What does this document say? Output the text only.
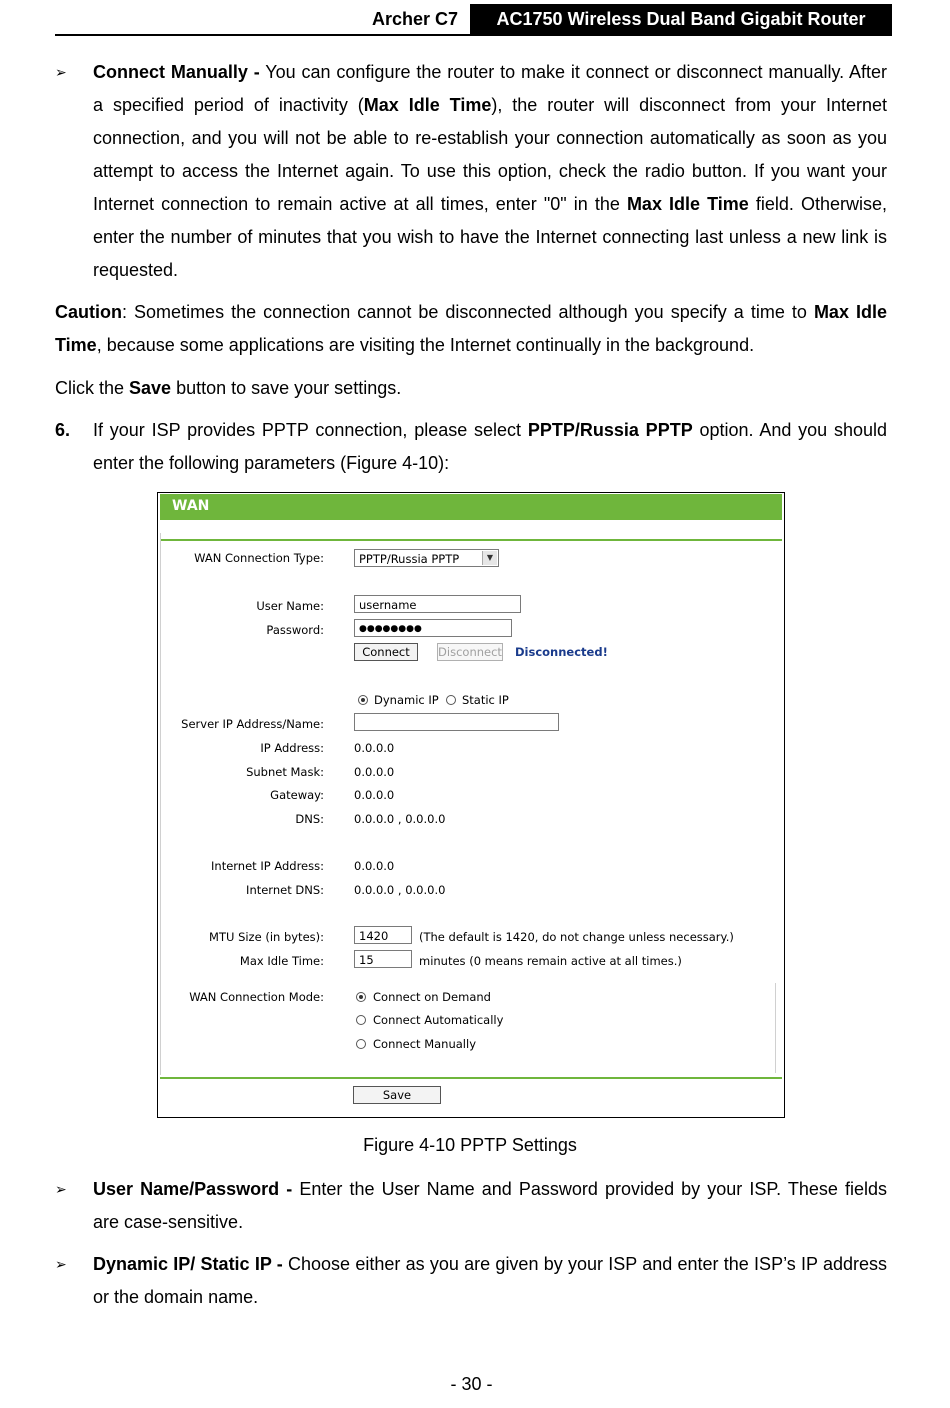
Archer C7	AC1750 Wireless Dual Band Gigabit Router
➢ Connect Manually - You can configure the router to make it connect or disconnect manually. After a specified period of inactivity (Max Idle Time), the router will disconnect from your Internet connection, and you will not be able to re-establish your connection automatically as soon as you attempt to access the Internet again. To use this option, check the radio button. If you want your Internet connection to remain active at all times, enter "0" in the Max Idle Time field. Otherwise, enter the number of minutes that you wish to have the Internet connecting last unless a new link is requested.
Caution: Sometimes the connection cannot be disconnected although you specify a time to Max Idle Time, because some applications are visiting the Internet continually in the background.
Click the Save button to save your settings.
6. If your ISP provides PPTP connection, please select PPTP/Russia PPTP option. And you should enter the following parameters (Figure 4-10):
WAN
WAN Connection Type:	PPTP/Russia PPTP	▼
User Name:	username
Password:	●●●●●●●●
Connect	Disconnect Disconnected!
Dynamic IP Static IP
Server IP Address/Name:
IP Address:	0.0.0.0
Subnet Mask:	0.0.0.0
Gateway:	0.0.0.0
DNS:	0.0.0.0 , 0.0.0.0
Internet IP Address:	0.0.0.0
Internet DNS:	0.0.0.0 , 0.0.0.0
MTU Size (in bytes):	1420	(The default is 1420, do not change unless necessary.)
Max Idle Time:	15	minutes (0 means remain active at all times.)
WAN Connection Mode:	Connect on Demand
Connect Automatically
Connect Manually
Save
Figure 4-10 PPTP Settings
➢ User Name/Password - Enter the User Name and Password provided by your ISP. These fields are case-sensitive.
➢ Dynamic IP/ Static IP - Choose either as you are given by your ISP and enter the ISP’s IP address or the domain name.
- 30 -
